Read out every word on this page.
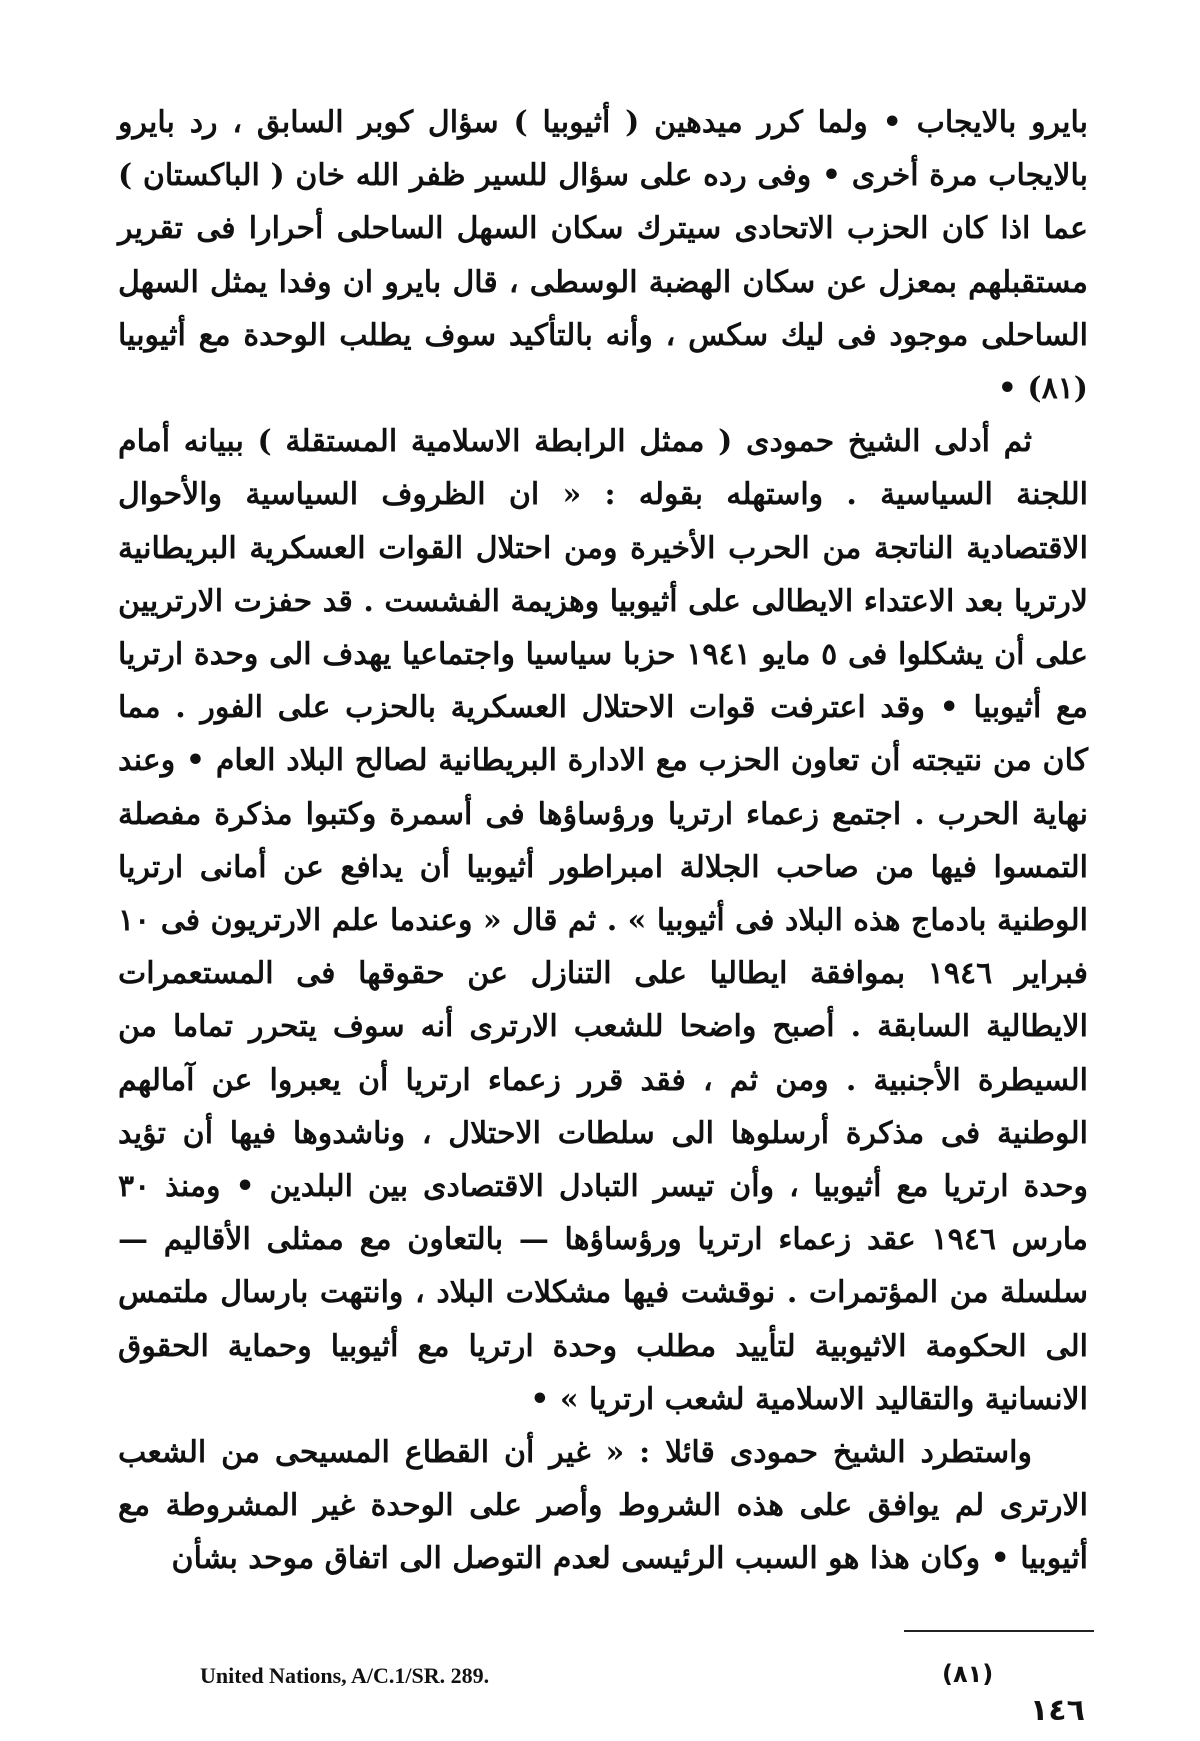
بايرو بالايجاب • ولما كرر ميدهين ( أثيوبيا ) سؤال كوبر السابق ، رد بايرو بالايجاب مرة أخرى • وفى رده على سؤال للسير ظفر الله خان ( الباكستان ) عما اذا كان الحزب الاتحادى سيترك سكان السهل الساحلى أحرارا فى تقرير مستقبلهم بمعزل عن سكان الهضبة الوسطى ، قال بايرو ان وفدا يمثل السهل الساحلى موجود فى ليك سكس ، وأنه بالتأكيد سوف يطلب الوحدة مع أثيوبيا (٨١) •

ثم أدلى الشيخ حمودى ( ممثل الرابطة الاسلامية المستقلة ) ببيانه أمام اللجنة السياسية . واستهله بقوله : « ان الظروف السياسية والأحوال الاقتصادية الناتجة من الحرب الأخيرة ومن احتلال القوات العسكرية البريطانية لارتريا بعد الاعتداء الايطالى على أثيوبيا وهزيمة الفشست . قد حفزت الارتريين على أن يشكلوا فى ٥ مايو ١٩٤١ حزبا سياسيا واجتماعيا يهدف الى وحدة ارتريا مع أثيوبيا • وقد اعترفت قوات الاحتلال العسكرية بالحزب على الفور . مما كان من نتيجته أن تعاون الحزب مع الادارة البريطانية لصالح البلاد العام • وعند نهاية الحرب . اجتمع زعماء ارتريا ورؤساؤها فى أسمرة وكتبوا مذكرة مفصلة التمسوا فيها من صاحب الجلالة امبراطور أثيوبيا أن يدافع عن أمانى ارتريا الوطنية بادماج هذه البلاد فى أثيوبيا » . ثم قال « وعندما علم الارتريون فى ١٠ فبراير ١٩٤٦ بموافقة ايطاليا على التنازل عن حقوقها فى المستعمرات الايطالية السابقة . أصبح واضحا للشعب الارترى أنه سوف يتحرر تماما من السيطرة الأجنبية . ومن ثم ، فقد قرر زعماء ارتريا أن يعبروا عن آمالهم الوطنية فى مذكرة أرسلوها الى سلطات الاحتلال ، وناشدوها فيها أن تؤيد وحدة ارتريا مع أثيوبيا ، وأن تيسر التبادل الاقتصادى بين البلدين • ومنذ ٣٠ مارس ١٩٤٦ عقد زعماء ارتريا ورؤساؤها — بالتعاون مع ممثلى الأقاليم — سلسلة من المؤتمرات . نوقشت فيها مشكلات البلاد ، وانتهت بارسال ملتمس الى الحكومة الاثيوبية لتأييد مطلب وحدة ارتريا مع أثيوبيا وحماية الحقوق الانسانية والتقاليد الاسلامية لشعب ارتريا » •

واستطرد الشيخ حمودى قائلا : « غير أن القطاع المسيحى من الشعب الارترى لم يوافق على هذه الشروط وأصر على الوحدة غير المشروطة مع أثيوبيا • وكان هذا هو السبب الرئيسى لعدم التوصل الى اتفاق موحد بشأن

United Nations, A/C.1/SR. 289.	(٨١)
١٤٦
